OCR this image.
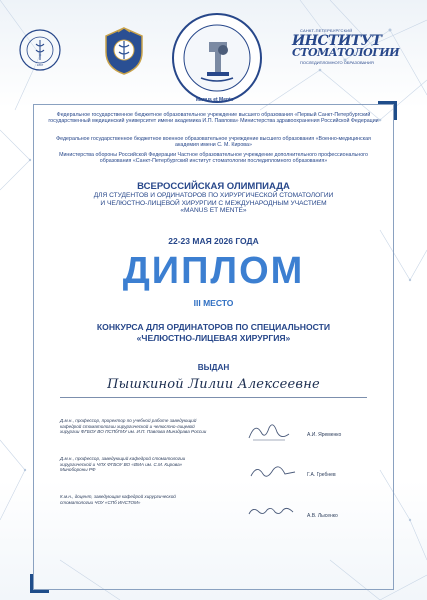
1897
Manus et Mente
САНКТ-ПЕТЕРБУРГСКИЙ
ИНСТИТУТ
СТОМАТОЛОГИИ
ПОСЛЕДИПЛОМНОГО ОБРАЗОВАНИЯ
Федеральное государственное бюджетное образовательное учреждение высшего образования «Первый Санкт-Петербургский государственный медицинский университет имени академика И.П. Павлова» Министерства здравоохранения Российской Федерации
Федеральное государственное бюджетное военное образовательное учреждение высшего образования «Военно-медицинская академия имени С. М. Кирова»
Министерства обороны Российской Федерации Частное образовательное учреждение дополнительного профессионального образования «Санкт-Петербургский институт стоматологии последипломного образования»
ВСЕРОССИЙСКАЯ ОЛИМПИАДА
ДЛЯ СТУДЕНТОВ И ОРДИНАТОРОВ ПО ХИРУРГИЧЕСКОЙ СТОМАТОЛОГИИ
И ЧЕЛЮСТНО-ЛИЦЕВОЙ ХИРУРГИИ С МЕЖДУНАРОДНЫМ УЧАСТИЕМ
«MANUS ET MENTE»
22-23 МАЯ 2026 ГОДА
ДИПЛОМ
III МЕСТО
КОНКУРСА ДЛЯ ОРДИНАТОРОВ ПО СПЕЦИАЛЬНОСТИ
«ЧЕЛЮСТНО-ЛИЦЕВАЯ ХИРУРГИЯ»
ВЫДАН
Пышкиной Лилии Алексеевне
Д.м.н., профессор, проректор по учебной работе заведующий кафедрой стоматологии хирургической и челюстно-лицевой хирургии ФГБОУ ВО ПСПбГМУ им. И.П. Павлова Минздрава России
А.И. Яременко
Д.м.н., профессор, заведующий кафедрой стоматологии хирургической и ЧЛХ ФГБОУ ВО «ВМА им. С.М. Кирова» Минобороны РФ
Г.А. Гребнев
К.м.н., доцент, заведующая кафедрой хирургической стоматологии ЧОУ «СПб ИНСТОМ»
А.В. Лысенко
